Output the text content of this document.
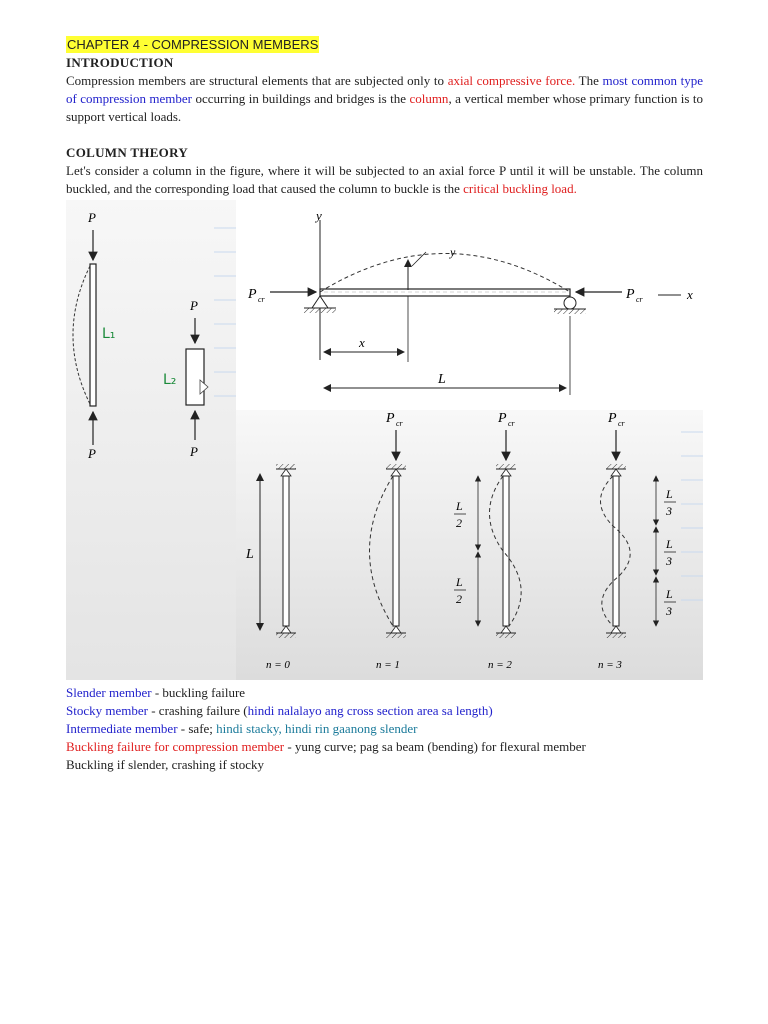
CHAPTER 4 - COMPRESSION MEMBERS
INTRODUCTION

Compression members are structural elements that are subjected only to axial compressive force. The most common type of compression member occurring in buildings and bridges is the column, a vertical member whose primary function is to support vertical loads.

COLUMN THEORY

Let's consider a column in the figure, where it will be subjected to an axial force P until it will be unstable. The column buckled, and the corresponding load that caused the column to buckle is the critical buckling load.

P
P
L₁
P
P
L₂
y
y
P cr	P cr	x
x
L
L
n = 0
P cr
n = 1
P cr
L
2
L
2
n = 2
P cr
L
3
L
3
L
3
n = 3
Slender member - buckling failure
Stocky member - crashing failure (hindi nalalayo ang cross section area sa length)
Intermediate member - safe; hindi stacky, hindi rin gaanong slender
Buckling failure for compression member - yung curve; pag sa beam (bending) for flexural member
Buckling if slender, crashing if stocky
